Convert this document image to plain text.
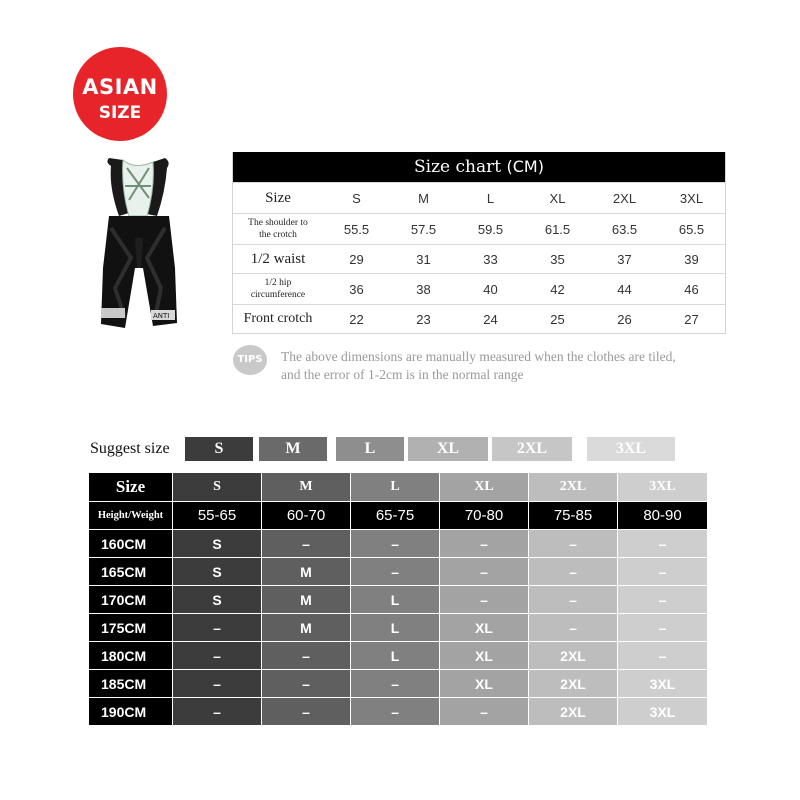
ASIAN
SIZE
ANTI
Size chart (CM)
Size	S	M	L	XL	2XL	3XL
The shoulder to
the crotch	55.5	57.5	59.5	61.5	63.5	65.5
1/2 waist	29	31	33	35	37	39
1/2 hip
circumference	36	38	40	42	44	46
Front crotch	22	23	24	25	26	27
TIPS	The above dimensions are manually measured when the clothes are tiled,
and the error of 1-2cm is in the normal range
Suggest size	S	M	L	XL	2XL	3XL
Size	S	M	L	XL	2XL	3XL
Height/Weight	55-65	60-70	65-75	70-80	75-85	80-90
160CM	S	–	–	–	–	–
165CM	S	M	–	–	–	–
170CM	S	M	L	–	–	–
175CM	–	M	L	XL	–	–
180CM	–	–	L	XL	2XL	–
185CM	–	–	–	XL	2XL	3XL
190CM	–	–	–	–	2XL	3XL
